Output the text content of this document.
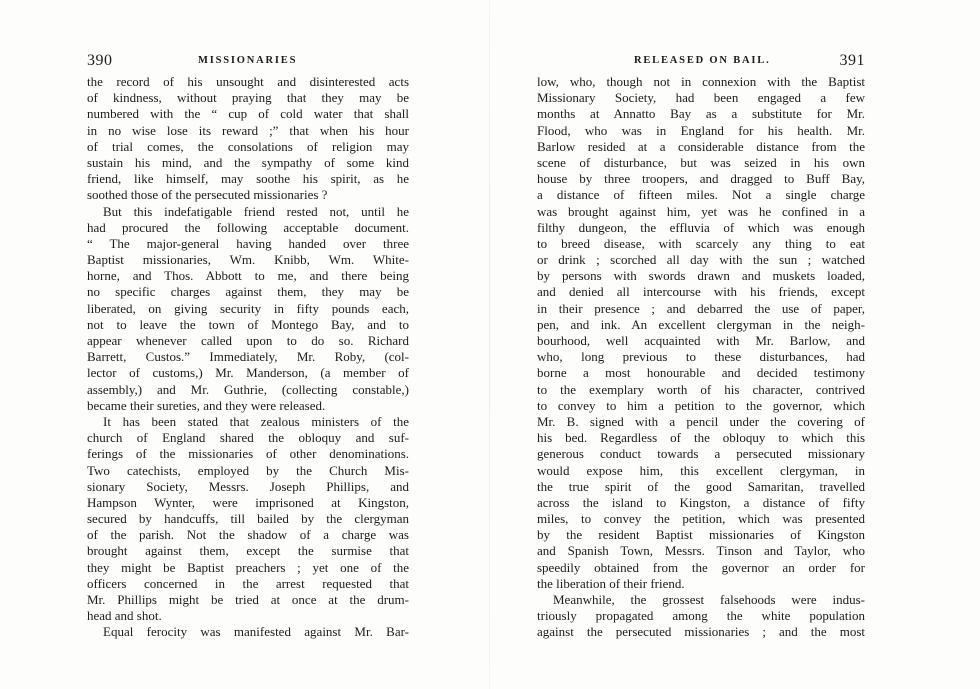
390	MISSIONARIES
the record of his unsought and disinterested acts
of kindness, without praying that they may be
numbered with the “ cup of cold water that shall
in no wise lose its reward ;” that when his hour
of trial comes, the consolations of religion may
sustain his mind, and the sympathy of some kind
friend, like himself, may soothe his spirit, as he
soothed those of the persecuted missionaries ?
But this indefatigable friend rested not, until he
had procured the following acceptable document.
“ The major-general having handed over three
Baptist missionaries, Wm. Knibb, Wm. White-
horne, and Thos. Abbott to me, and there being
no specific charges against them, they may be
liberated, on giving security in fifty pounds each,
not to leave the town of Montego Bay, and to
appear whenever called upon to do so. Richard
Barrett, Custos.” Immediately, Mr. Roby, (col-
lector of customs,) Mr. Manderson, (a member of
assembly,) and Mr. Guthrie, (collecting constable,)
became their sureties, and they were released.
It has been stated that zealous ministers of the
church of England shared the obloquy and suf-
ferings of the missionaries of other denominations.
Two catechists, employed by the Church Mis-
sionary Society, Messrs. Joseph Phillips, and
Hampson Wynter, were imprisoned at Kingston,
secured by handcuffs, till bailed by the clergyman
of the parish. Not the shadow of a charge was
brought against them, except the surmise that
they might be Baptist preachers ; yet one of the
officers concerned in the arrest requested that
Mr. Phillips might be tried at once at the drum-
head and shot.
Equal ferocity was manifested against Mr. Bar-
RELEASED ON BAIL.	391
low, who, though not in connexion with the Baptist
Missionary Society, had been engaged a few
months at Annatto Bay as a substitute for Mr.
Flood, who was in England for his health. Mr.
Barlow resided at a considerable distance from the
scene of disturbance, but was seized in his own
house by three troopers, and dragged to Buff Bay,
a distance of fifteen miles. Not a single charge
was brought against him, yet was he confined in a
filthy dungeon, the effluvia of which was enough
to breed disease, with scarcely any thing to eat
or drink ; scorched all day with the sun ; watched
by persons with swords drawn and muskets loaded,
and denied all intercourse with his friends, except
in their presence ; and debarred the use of paper,
pen, and ink. An excellent clergyman in the neigh-
bourhood, well acquainted with Mr. Barlow, and
who, long previous to these disturbances, had
borne a most honourable and decided testimony
to the exemplary worth of his character, contrived
to convey to him a petition to the governor, which
Mr. B. signed with a pencil under the covering of
his bed. Regardless of the obloquy to which this
generous conduct towards a persecuted missionary
would expose him, this excellent clergyman, in
the true spirit of the good Samaritan, travelled
across the island to Kingston, a distance of fifty
miles, to convey the petition, which was presented
by the resident Baptist missionaries of Kingston
and Spanish Town, Messrs. Tinson and Taylor, who
speedily obtained from the governor an order for
the liberation of their friend.
Meanwhile, the grossest falsehoods were indus-
triously propagated among the white population
against the persecuted missionaries ; and the most
